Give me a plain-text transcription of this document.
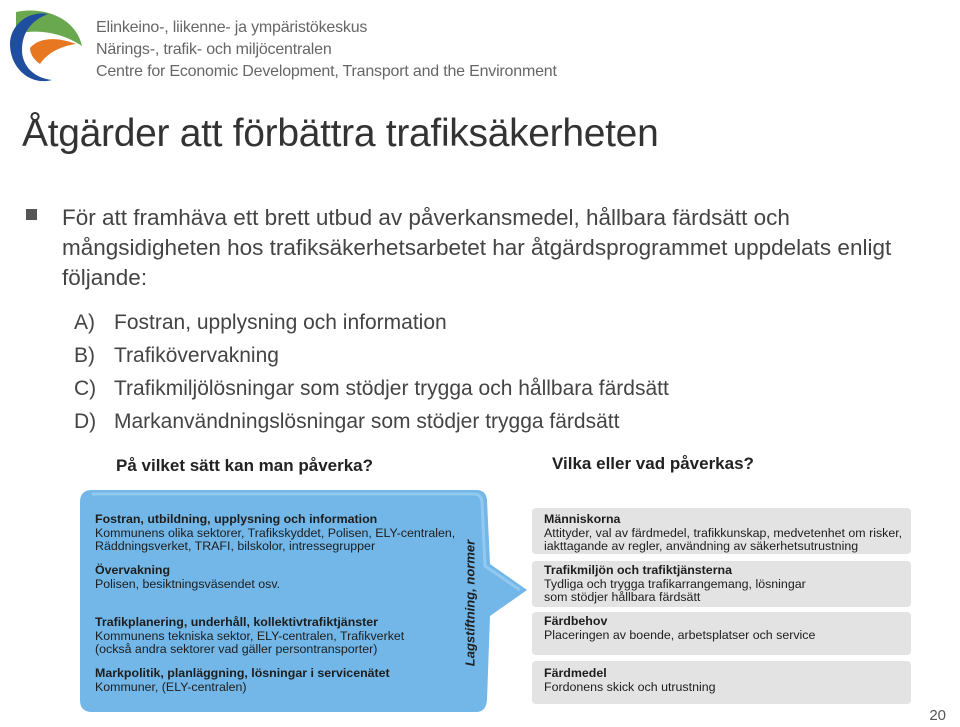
Elinkeino-, liikenne- ja ympäristökeskus
Närings-, trafik- och miljöcentralen
Centre for Economic Development, Transport and the Environment
Åtgärder att förbättra trafiksäkerheten
För att framhäva ett brett utbud av påverkansmedel, hållbara färdsätt och mångsidigheten hos trafiksäkerhetsarbetet har åtgärdsprogrammet uppdelats enligt följande:
A) Fostran, upplysning och information
B) Trafikövervakning
C) Trafikmiljölösningar som stödjer trygga och hållbara färdsätt
D) Markanvändningslösningar som stödjer trygga färdsätt
På vilket sätt kan man påverka?	Vilka eller vad påverkas?
Fostran, utbildning, upplysning och information
Kommunens olika sektorer, Trafikskyddet, Polisen, ELY-centralen,
Räddningsverket, TRAFI, bilskolor, intressegrupper
Övervakning
Polisen, besiktningsväsendet osv.
Trafikplanering, underhåll, kollektivtrafiktjänster
Kommunens tekniska sektor, ELY-centralen, Trafikverket
(också andra sektorer vad gäller persontransporter)
Markpolitik, planläggning, lösningar i servicenätet
Kommuner, (ELY-centralen)
Lagstiftning, normer
Människorna
Attityder, val av färdmedel, trafikkunskap, medvetenhet om risker,
iakttagande av regler, användning av säkerhetsutrustning
Trafikmiljön och trafiktjänsterna
Tydliga och trygga trafikarrangemang, lösningar
som stödjer hållbara färdsätt
Färdbehov
Placeringen av boende, arbetsplatser och service
Färdmedel
Fordonens skick och utrustning
20
